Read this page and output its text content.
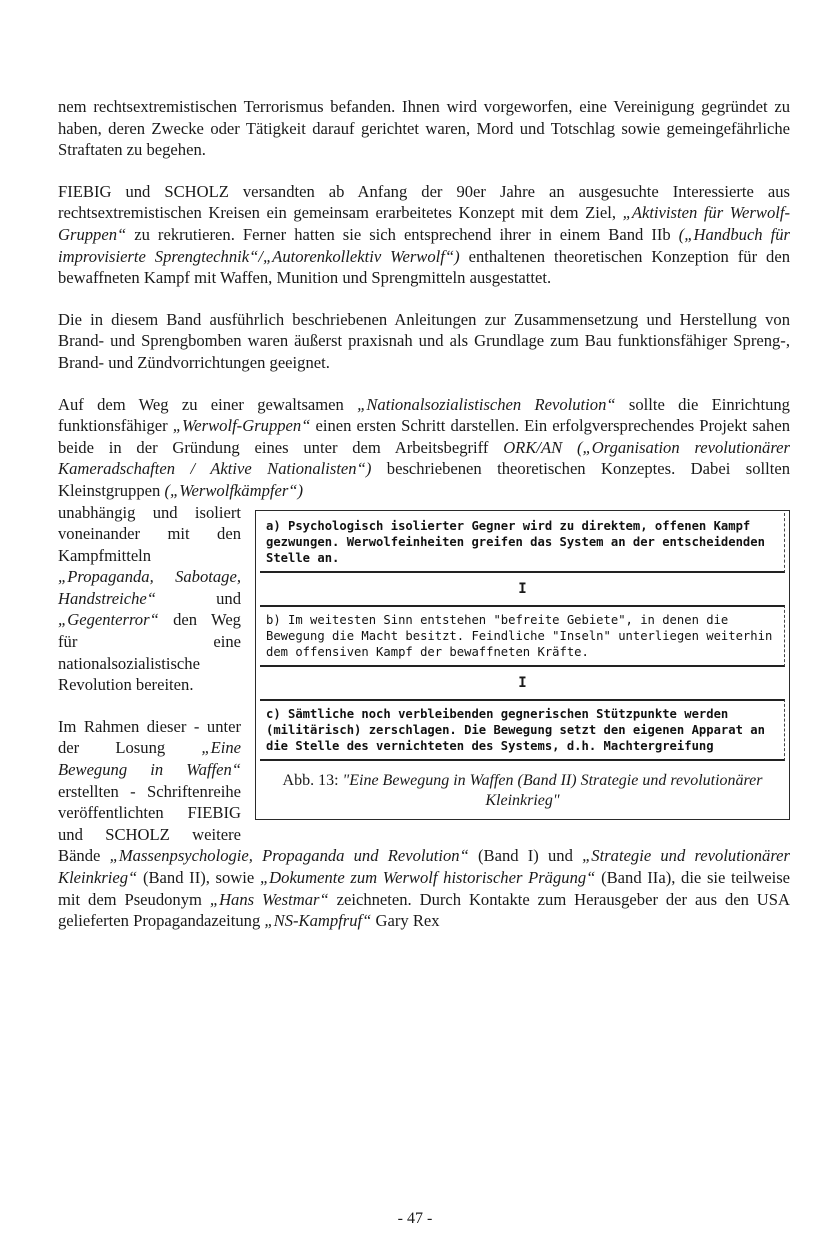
nem rechtsextremistischen Terrorismus befanden. Ihnen wird vorgeworfen, eine Vereinigung gegründet zu haben, deren Zwecke oder Tätigkeit darauf gerichtet waren, Mord und Totschlag sowie gemeingefährliche Straftaten zu begehen.

FIEBIG und SCHOLZ versandten ab Anfang der 90er Jahre an ausgesuchte Interessierte aus rechtsextremistischen Kreisen ein gemeinsam erarbeitetes Konzept mit dem Ziel, „Aktivisten für Werwolf-Gruppen“ zu rekrutieren. Ferner hatten sie sich entsprechend ihrer in einem Band IIb („Handbuch für improvisierte Sprengtechnik“/„Autorenkollektiv Werwolf“) enthaltenen theoretischen Konzeption für den bewaffneten Kampf mit Waffen, Munition und Sprengmitteln ausgestattet.

Die in diesem Band ausführlich beschriebenen Anleitungen zur Zusammensetzung und Herstellung von Brand- und Sprengbomben waren äußerst praxisnah und als Grundlage zum Bau funktionsfähiger Spreng-, Brand- und Zündvorrichtungen geeignet.

Auf dem Weg zu einer gewaltsamen „Nationalsozialistischen Revolution“ sollte die Einrichtung funktionsfähiger „Werwolf-Gruppen“ einen ersten Schritt darstellen. Ein erfolgversprechendes Projekt sahen beide in der Gründung eines unter dem Arbeitsbegriff ORK/AN („Organisation revolutionärer Kameradschaften / Aktive Nationalisten“) beschriebenen theoretischen Konzeptes. Dabei sollten Kleinstgruppen („Werwolfkämpfer“)

a) Psychologisch isolierter Gegner wird zu direktem, offenen Kampf gezwungen. Werwolfeinheiten greifen das System an der entscheidenden Stelle an.
I
b) Im weitesten Sinn entstehen "befreite Gebiete", in denen die Bewegung die Macht besitzt. Feindliche "Inseln" unterliegen weiterhin dem offensiven Kampf der bewaffneten Kräfte.
I
c) Sämtliche noch verbleibenden gegnerischen Stützpunkte werden (militärisch) zerschlagen. Die Bewegung setzt den eigenen Apparat an die Stelle des vernichteten des Systems, d.h. Machtergreifung
Abb. 13: "Eine Bewegung in Waffen (Band II) Strategie und revolutionärer Kleinkrieg"

unabhängig und isoliert voneinander mit den Kampfmitteln „Propaganda, Sabotage, Handstreiche“	und „Gegenterror“ den Weg für eine nationalsozialistische Revolution bereiten.

Im Rahmen dieser - unter der Losung „Eine Bewegung in Waffen“ erstellten - Schriftenreihe veröffentlichten FIEBIG und SCHOLZ weitere Bände „Massenpsychologie, Propaganda und Revolution“ (Band I) und „Strategie und revolutionärer Kleinkrieg“ (Band II), sowie „Dokumente zum Werwolf historischer Prägung“ (Band IIa), die sie teilweise mit dem Pseudonym „Hans Westmar“ zeichneten. Durch Kontakte zum Herausgeber der aus den USA gelieferten Propagandazeitung „NS-Kampfruf“ Gary Rex

- 47 -
